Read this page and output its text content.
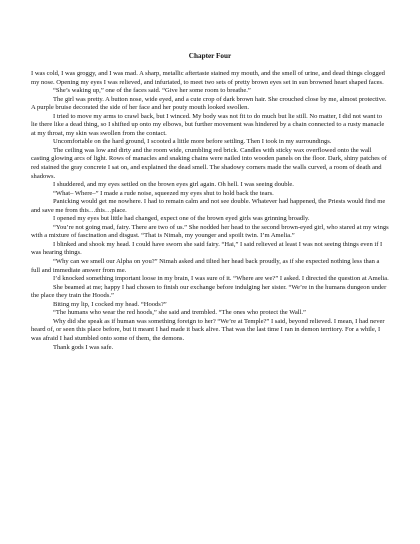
Chapter Four

I was cold, I was groggy, and I was mad. A sharp, metallic aftertaste stained my mouth, and the smell of urine, and dead things clogged my nose. Opening my eyes I was relieved, and infuriated, to meet two sets of pretty brown eyes set in sun browned heart shaped faces.

“She’s waking up,” one of the faces said. “Give her some room to breathe.”

The girl was pretty. A button nose, wide eyed, and a cute crop of dark brown hair. She crouched close by me, almost protective. A purple bruise decorated the side of her face and her pouty mouth looked swollen.

I tried to move my arms to crawl back, but I winced. My body was not fit to do much but lie still. No matter, I did not want to lie there like a dead thing, so I shifted up onto my elbows, but further movement was hindered by a chain connected to a rusty manacle at my throat, my skin was swollen from the contact.

Uncomfortable on the hard ground, I scooted a little more before settling. Then I took in my surroundings.

The ceiling was low and dirty and the room wide, crumbling red brick. Candles with sticky wax overflowed onto the wall casting glowing arcs of light. Rows of manacles and snaking chains were nailed into wooden panels on the floor. Dark, shiny patches of red stained the gray concrete I sat on, and explained the dead smell. The shadowy corners made the walls curved, a room of death and shadows.

I shuddered, and my eyes settled on the brown eyes girl again. Oh hell. I was seeing double.

“What– Where–” I made a rude noise, squeezed my eyes shut to hold back the tears.

Panicking would get me nowhere. I had to remain calm and not see double. Whatever had happened, the Priests would find me and save me from this…this…place.

I opened my eyes but little had changed, expect one of the brown eyed girls was grinning broadly.

“You’re not going mad, fairy. There are two of us.” She nodded her head to the second brown-eyed girl, who stared at my wings with a mixture of fascination and disgust. “That is Nimah, my younger and spoilt twin. I’m Amelia.”

I blinked and shook my head. I could have sworn she said fairy. “Hai,” I said relieved at least I was not seeing things even if I was hearing things.

“Why can we smell our Alpha on you?” Nimah asked and tilted her head back proudly, as if she expected nothing less than a full and immediate answer from me.

I’d knocked something important loose in my brain, I was sure of it. “Where are we?” I asked. I directed the question at Amelia.

She beamed at me; happy I had chosen to finish our exchange before indulging her sister. “We’re in the humans dungeon under the place they train the Hoods.”

Biting my lip, I cocked my head. “Hoods?”

“The humans who wear the red hoods,” she said and trembled. “The ones who protect the Wall.”

Why did she speak as if human was something foreign to her? “We’re at Temple?” I said, beyond relieved. I mean, I had never heard of, or seen this place before, but it meant I had made it back alive. That was the last time I ran in demon territory. For a while, I was afraid I had stumbled onto some of them, the demons.

Thank gods I was safe.
